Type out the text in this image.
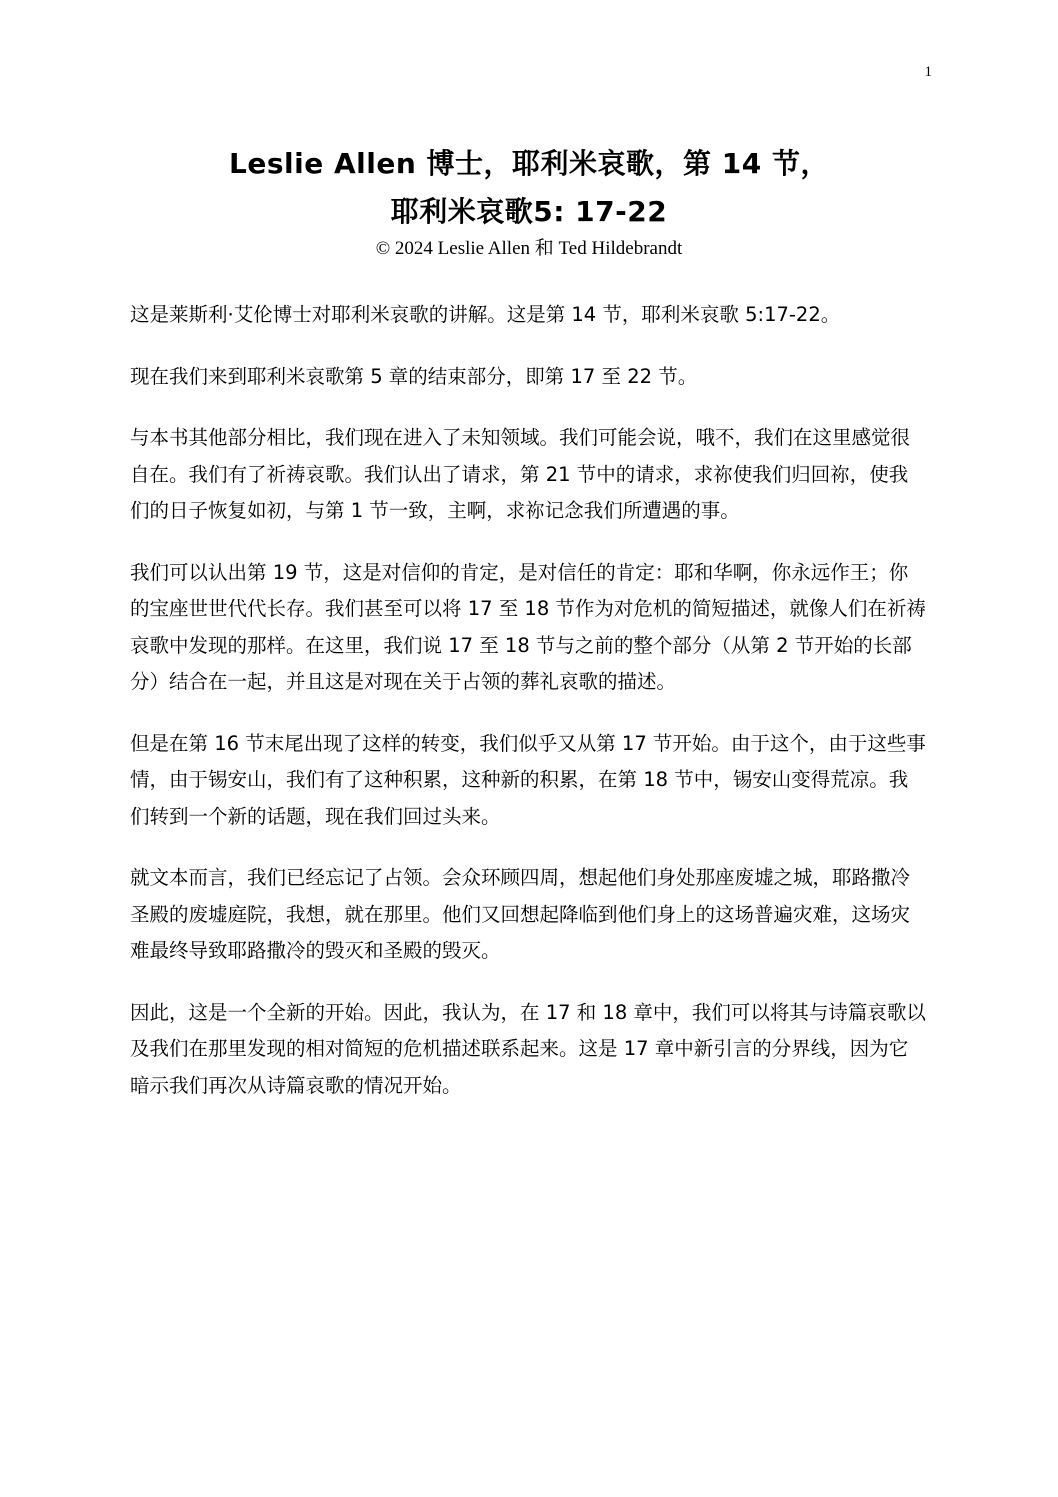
1
Leslie Allen 博士，耶利米哀歌，第 14 节，
耶利米哀歌5: 17-22
© 2024 Leslie Allen 和 Ted Hildebrandt

这是莱斯利·艾伦博士对耶利米哀歌的讲解。这是第 14 节，耶利米哀歌 5:17-22。

现在我们来到耶利米哀歌第 5 章的结束部分，即第 17 至 22 节。

与本书其他部分相比，我们现在进入了未知领域。我们可能会说，哦不，我们在这里感觉很自在。我们有了祈祷哀歌。我们认出了请求，第 21 节中的请求，求祢使我们归回祢，使我们的日子恢复如初，与第 1 节一致，主啊，求祢记念我们所遭遇的事。

我们可以认出第 19 节，这是对信仰的肯定，是对信任的肯定：耶和华啊，你永远作王；你的宝座世世代代长存。我们甚至可以将 17 至 18 节作为对危机的简短描述，就像人们在祈祷哀歌中发现的那样。在这里，我们说 17 至 18 节与之前的整个部分（从第 2 节开始的长部分）结合在一起，并且这是对现在关于占领的葬礼哀歌的描述。

但是在第 16 节末尾出现了这样的转变，我们似乎又从第 17 节开始。由于这个，由于这些事情，由于锡安山，我们有了这种积累，这种新的积累，在第 18 节中，锡安山变得荒凉。我们转到一个新的话题，现在我们回过头来。

就文本而言，我们已经忘记了占领。会众环顾四周，想起他们身处那座废墟之城，耶路撒冷圣殿的废墟庭院，我想，就在那里。他们又回想起降临到他们身上的这场普遍灾难，这场灾难最终导致耶路撒冷的毁灭和圣殿的毁灭。

因此，这是一个全新的开始。因此，我认为，在 17 和 18 章中，我们可以将其与诗篇哀歌以及我们在那里发现的相对简短的危机描述联系起来。这是 17 章中新引言的分界线，因为它暗示我们再次从诗篇哀歌的情况开始。
